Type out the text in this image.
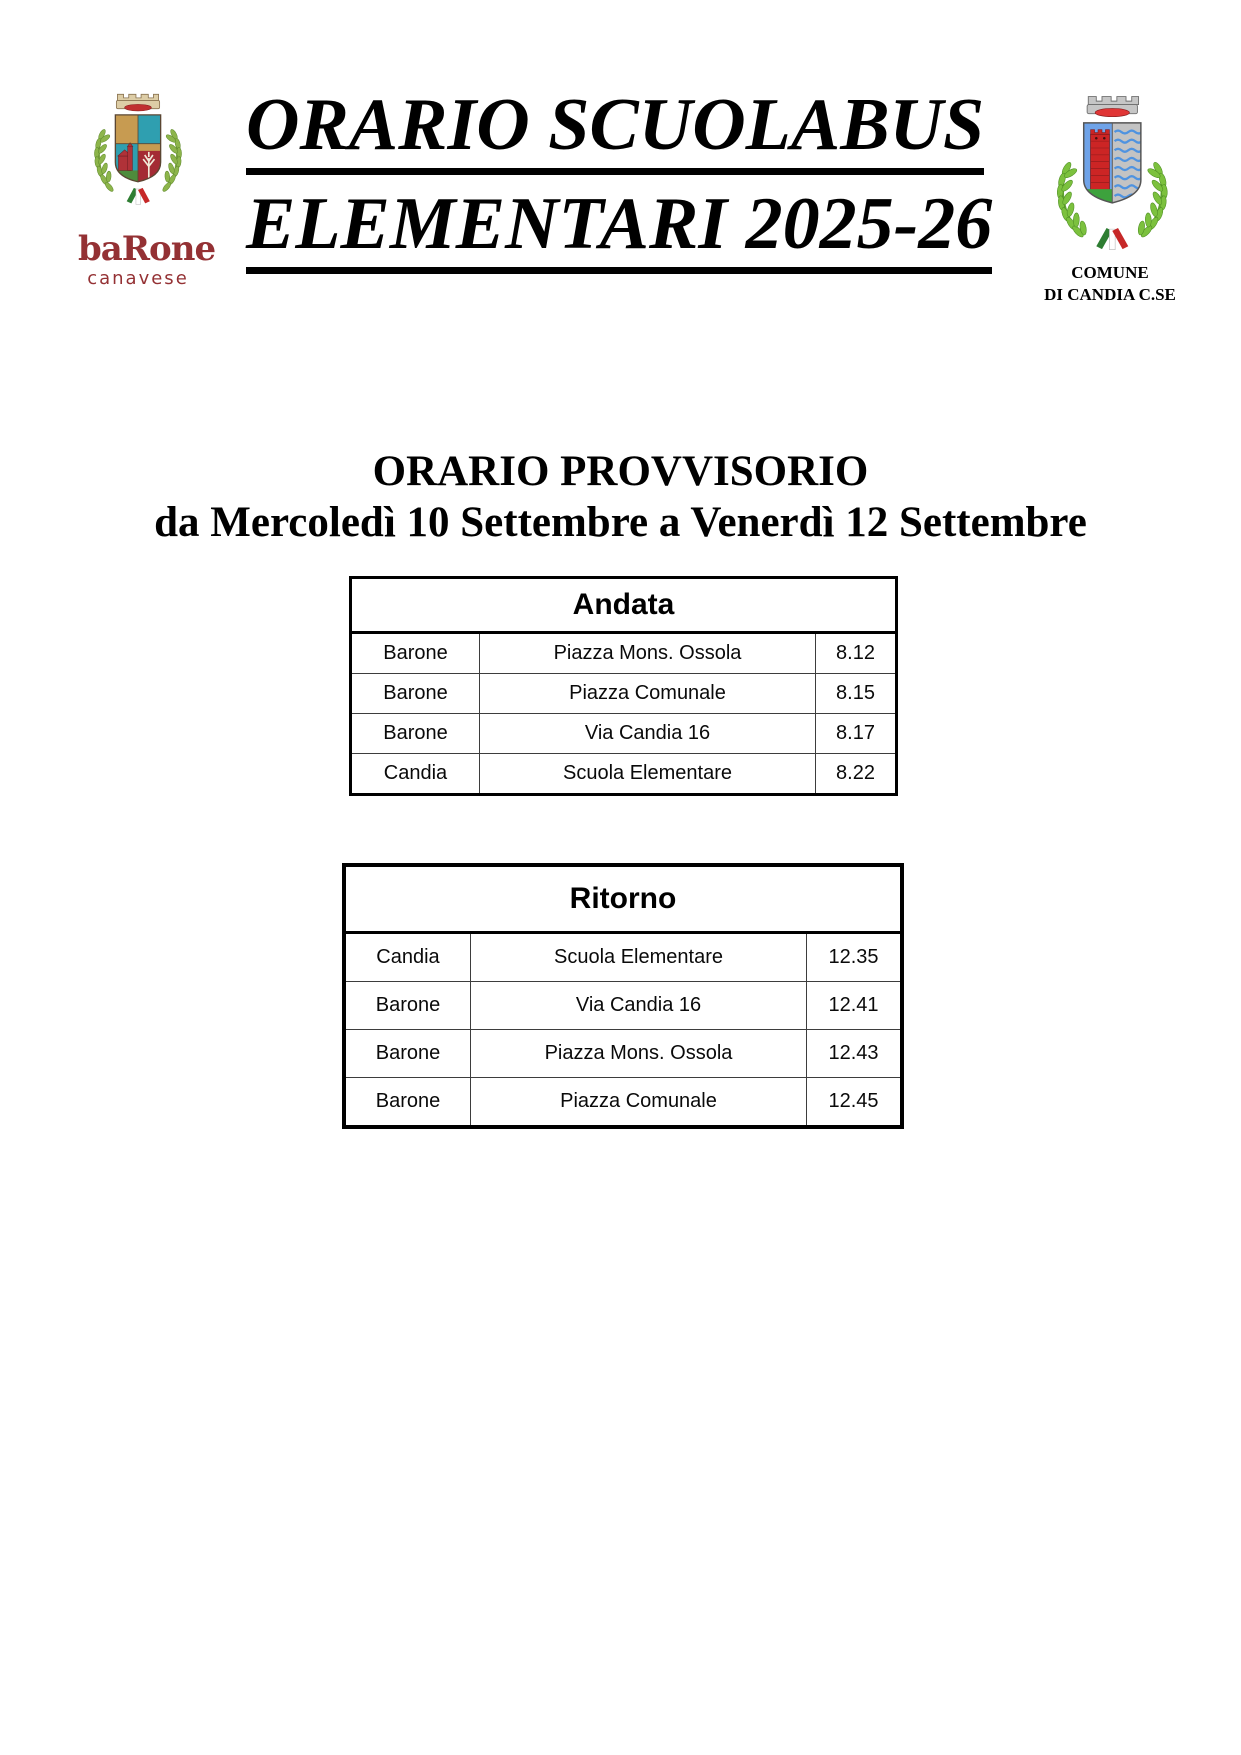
baRone
canavese
ORARIO SCUOLABUS
ELEMENTARI 2025-26
COMUNE
DI CANDIA C.SE
ORARIO PROVVISORIO
da Mercoledì 10 Settembre a Venerdì 12 Settembre
Andata
Barone	Piazza Mons. Ossola	8.12
Barone	Piazza Comunale	8.15
Barone	Via Candia 16	8.17
Candia	Scuola Elementare	8.22
Ritorno
Candia	Scuola Elementare	12.35
Barone	Via Candia 16	12.41
Barone	Piazza Mons. Ossola	12.43
Barone	Piazza Comunale	12.45
